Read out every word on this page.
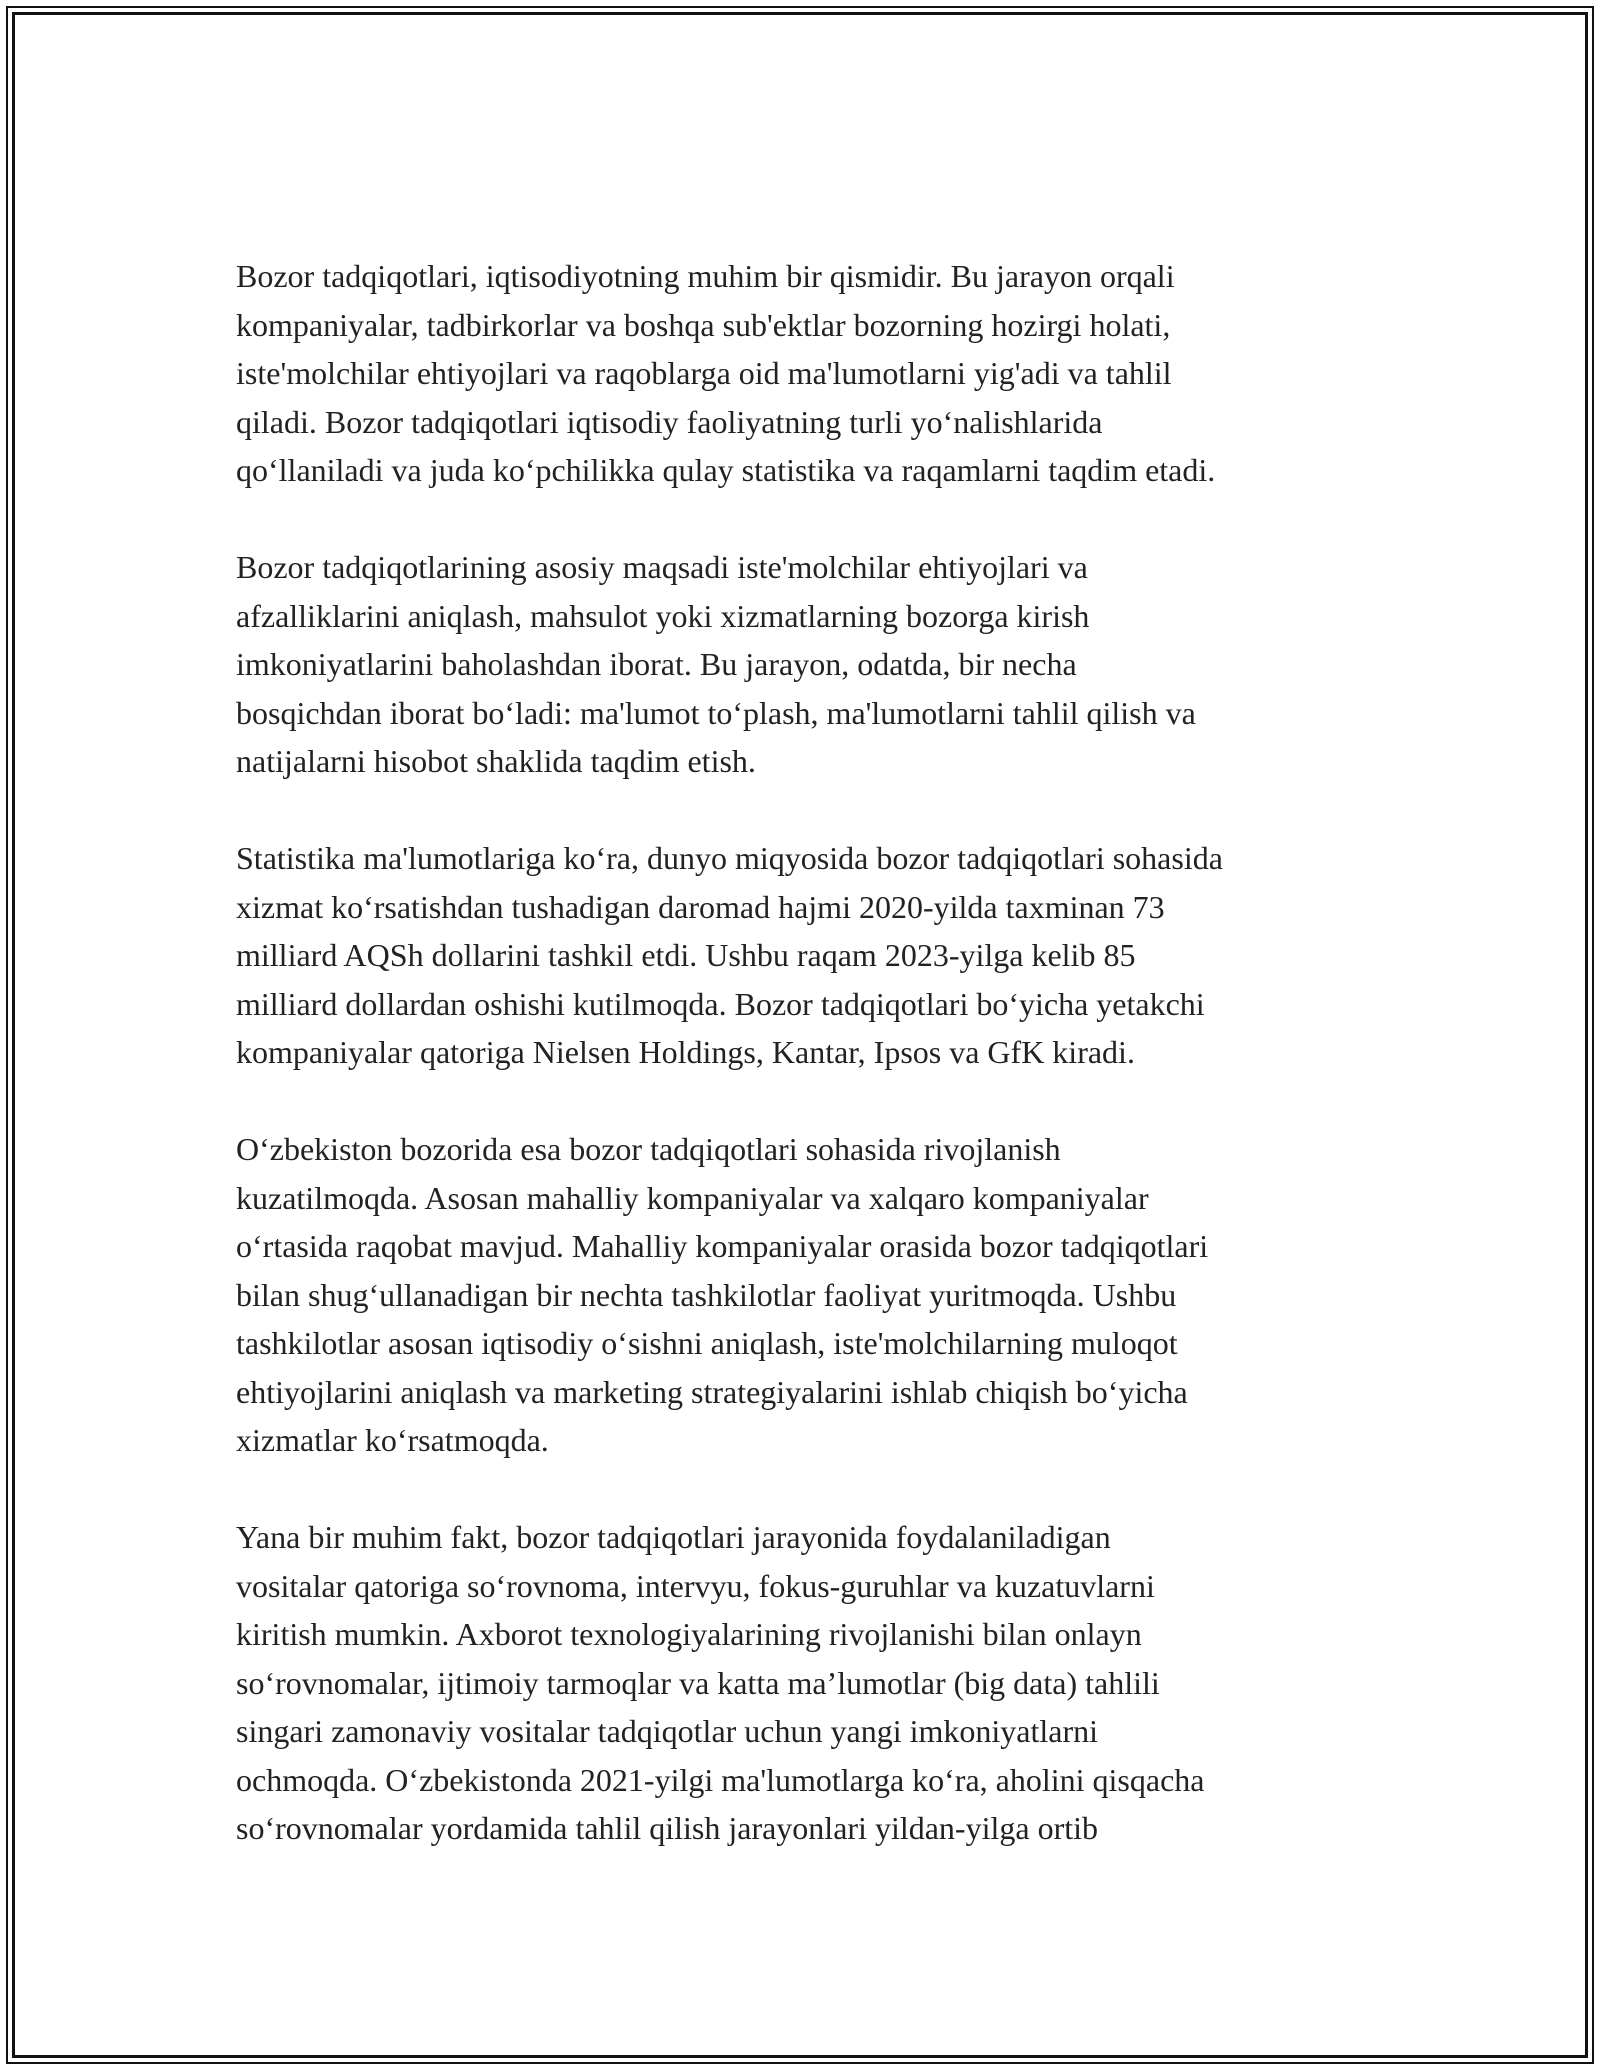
Bozor tadqiqotlari, iqtisodiyotning muhim bir qismidir. Bu jarayon orqali
kompaniyalar, tadbirkorlar va boshqa sub'ektlar bozorning hozirgi holati,
iste'molchilar ehtiyojlari va raqoblarga oid ma'lumotlarni yig'adi va tahlil
qiladi. Bozor tadqiqotlari iqtisodiy faoliyatning turli yo‘nalishlarida
qo‘llaniladi va juda ko‘pchilikka qulay statistika va raqamlarni taqdim etadi.
Bozor tadqiqotlarining asosiy maqsadi iste'molchilar ehtiyojlari va
afzalliklarini aniqlash, mahsulot yoki xizmatlarning bozorga kirish
imkoniyatlarini baholashdan iborat. Bu jarayon, odatda, bir necha
bosqichdan iborat bo‘ladi: ma'lumot to‘plash, ma'lumotlarni tahlil qilish va
natijalarni hisobot shaklida taqdim etish.
Statistika ma'lumotlariga ko‘ra, dunyo miqyosida bozor tadqiqotlari sohasida
xizmat ko‘rsatishdan tushadigan daromad hajmi 2020-yilda taxminan 73
milliard AQSh dollarini tashkil etdi. Ushbu raqam 2023-yilga kelib 85
milliard dollardan oshishi kutilmoqda. Bozor tadqiqotlari bo‘yicha yetakchi
kompaniyalar qatoriga Nielsen Holdings, Kantar, Ipsos va GfK kiradi.
O‘zbekiston bozorida esa bozor tadqiqotlari sohasida rivojlanish
kuzatilmoqda. Asosan mahalliy kompaniyalar va xalqaro kompaniyalar
o‘rtasida raqobat mavjud. Mahalliy kompaniyalar orasida bozor tadqiqotlari
bilan shug‘ullanadigan bir nechta tashkilotlar faoliyat yuritmoqda. Ushbu
tashkilotlar asosan iqtisodiy o‘sishni aniqlash, iste'molchilarning muloqot
ehtiyojlarini aniqlash va marketing strategiyalarini ishlab chiqish bo‘yicha
xizmatlar ko‘rsatmoqda.
Yana bir muhim fakt, bozor tadqiqotlari jarayonida foydalaniladigan
vositalar qatoriga so‘rovnoma, intervyu, fokus-guruhlar va kuzatuvlarni
kiritish mumkin. Axborot texnologiyalarining rivojlanishi bilan onlayn
so‘rovnomalar, ijtimoiy tarmoqlar va katta ma’lumotlar (big data) tahlili
singari zamonaviy vositalar tadqiqotlar uchun yangi imkoniyatlarni
ochmoqda. O‘zbekistonda 2021-yilgi ma'lumotlarga ko‘ra, aholini qisqacha
so‘rovnomalar yordamida tahlil qilish jarayonlari yildan-yilga ortib
